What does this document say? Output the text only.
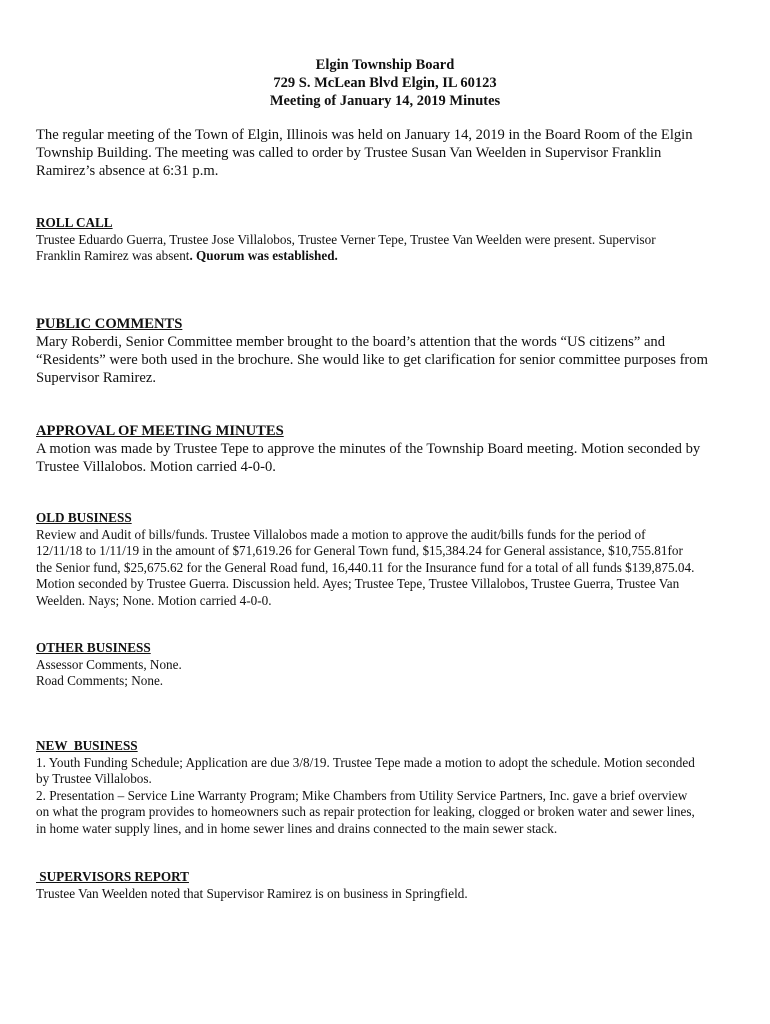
Elgin Township Board
729 S. McLean Blvd Elgin, IL 60123
Meeting of January 14, 2019 Minutes
The regular meeting of the Town of Elgin, Illinois was held on January 14, 2019 in the Board Room of the Elgin
Township Building. The meeting was called to order by Trustee Susan Van Weelden in Supervisor Franklin
Ramirez’s absence at 6:31 p.m.
ROLL CALL
Trustee Eduardo Guerra, Trustee Jose Villalobos, Trustee Verner Tepe, Trustee Van Weelden were present. Supervisor
Franklin Ramirez was absent. Quorum was established.
PUBLIC COMMENTS
Mary Roberdi, Senior Committee member brought to the board’s attention that the words “US citizens” and
“Residents” were both used in the brochure. She would like to get clarification for senior committee purposes from
Supervisor Ramirez.
APPROVAL OF MEETING MINUTES
A motion was made by Trustee Tepe to approve the minutes of the Township Board meeting. Motion seconded by
Trustee Villalobos. Motion carried 4-0-0.
OLD BUSINESS
Review and Audit of bills/funds. Trustee Villalobos made a motion to approve the audit/bills funds for the period of
12/11/18 to 1/11/19 in the amount of $71,619.26 for General Town fund, $15,384.24 for General assistance, $10,755.81for
the Senior fund, $25,675.62 for the General Road fund, 16,440.11 for the Insurance fund for a total of all funds $139,875.04.
Motion seconded by Trustee Guerra. Discussion held. Ayes; Trustee Tepe, Trustee Villalobos, Trustee Guerra, Trustee Van
Weelden. Nays; None. Motion carried 4-0-0.
OTHER BUSINESS
Assessor Comments, None.
Road Comments; None.
NEW  BUSINESS
1. Youth Funding Schedule; Application are due 3/8/19. Trustee Tepe made a motion to adopt the schedule. Motion seconded
by Trustee Villalobos.
2. Presentation – Service Line Warranty Program; Mike Chambers from Utility Service Partners, Inc. gave a brief overview
on what the program provides to homeowners such as repair protection for leaking, clogged or broken water and sewer lines,
in home water supply lines, and in home sewer lines and drains connected to the main sewer stack.
SUPERVISORS REPORT
Trustee Van Weelden noted that Supervisor Ramirez is on business in Springfield.
